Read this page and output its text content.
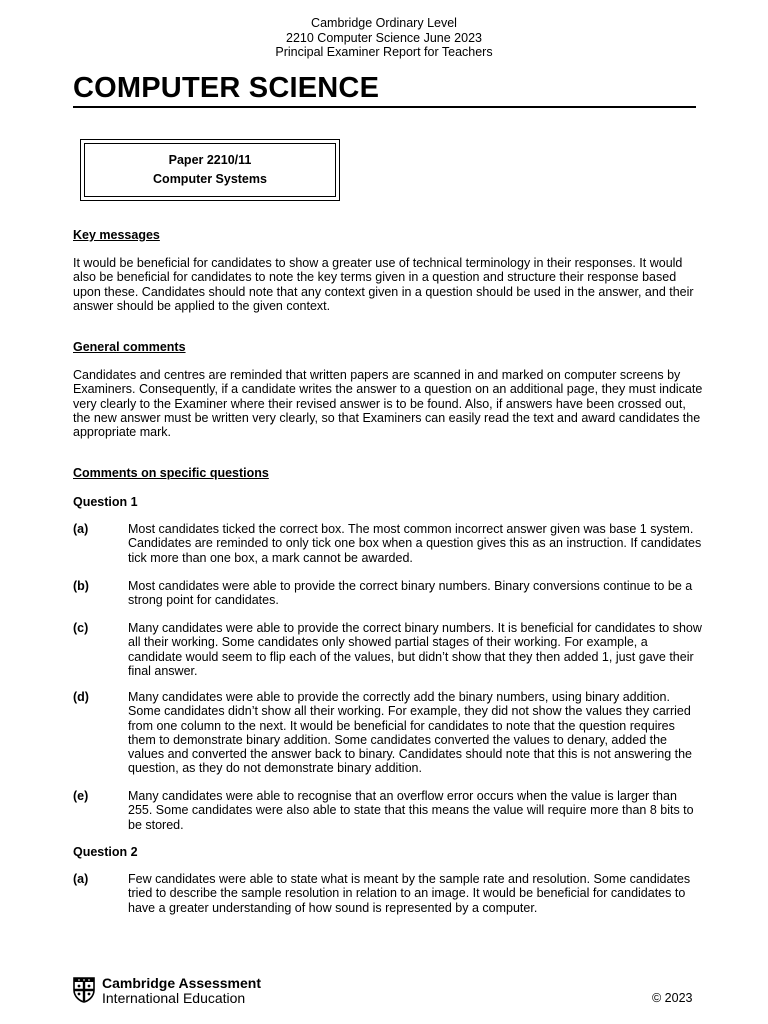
Cambridge Ordinary Level
2210 Computer Science June 2023
Principal Examiner Report for Teachers
COMPUTER SCIENCE
Paper 2210/11
Computer Systems
Key messages
It would be beneficial for candidates to show a greater use of technical terminology in their responses. It would also be beneficial for candidates to note the key terms given in a question and structure their response based upon these. Candidates should note that any context given in a question should be used in the answer, and their answer should be applied to the given context.
General comments
Candidates and centres are reminded that written papers are scanned in and marked on computer screens by Examiners. Consequently, if a candidate writes the answer to a question on an additional page, they must indicate very clearly to the Examiner where their revised answer is to be found. Also, if answers have been crossed out, the new answer must be written very clearly, so that Examiners can easily read the text and award candidates the appropriate mark.
Comments on specific questions
Question 1
(a)	Most candidates ticked the correct box. The most common incorrect answer given was base 1 system. Candidates are reminded to only tick one box when a question gives this as an instruction. If candidates tick more than one box, a mark cannot be awarded.
(b)	Most candidates were able to provide the correct binary numbers. Binary conversions continue to be a strong point for candidates.
(c)	Many candidates were able to provide the correct binary numbers. It is beneficial for candidates to show all their working. Some candidates only showed partial stages of their working. For example, a candidate would seem to flip each of the values, but didn’t show that they then added 1, just gave their final answer.
(d)	Many candidates were able to provide the correctly add the binary numbers, using binary addition. Some candidates didn’t show all their working. For example, they did not show the values they carried from one column to the next. It would be beneficial for candidates to note that the question requires them to demonstrate binary addition. Some candidates converted the values to denary, added the values and converted the answer back to binary. Candidates should note that this is not answering the question, as they do not demonstrate binary addition.
(e)	Many candidates were able to recognise that an overflow error occurs when the value is larger than 255. Some candidates were also able to state that this means the value will require more than 8 bits to be stored.
Question 2
(a)	Few candidates were able to state what is meant by the sample rate and resolution. Some candidates tried to describe the sample resolution in relation to an image. It would be beneficial for candidates to have a greater understanding of how sound is represented by a computer.
Cambridge Assessment
International Education	© 2023
